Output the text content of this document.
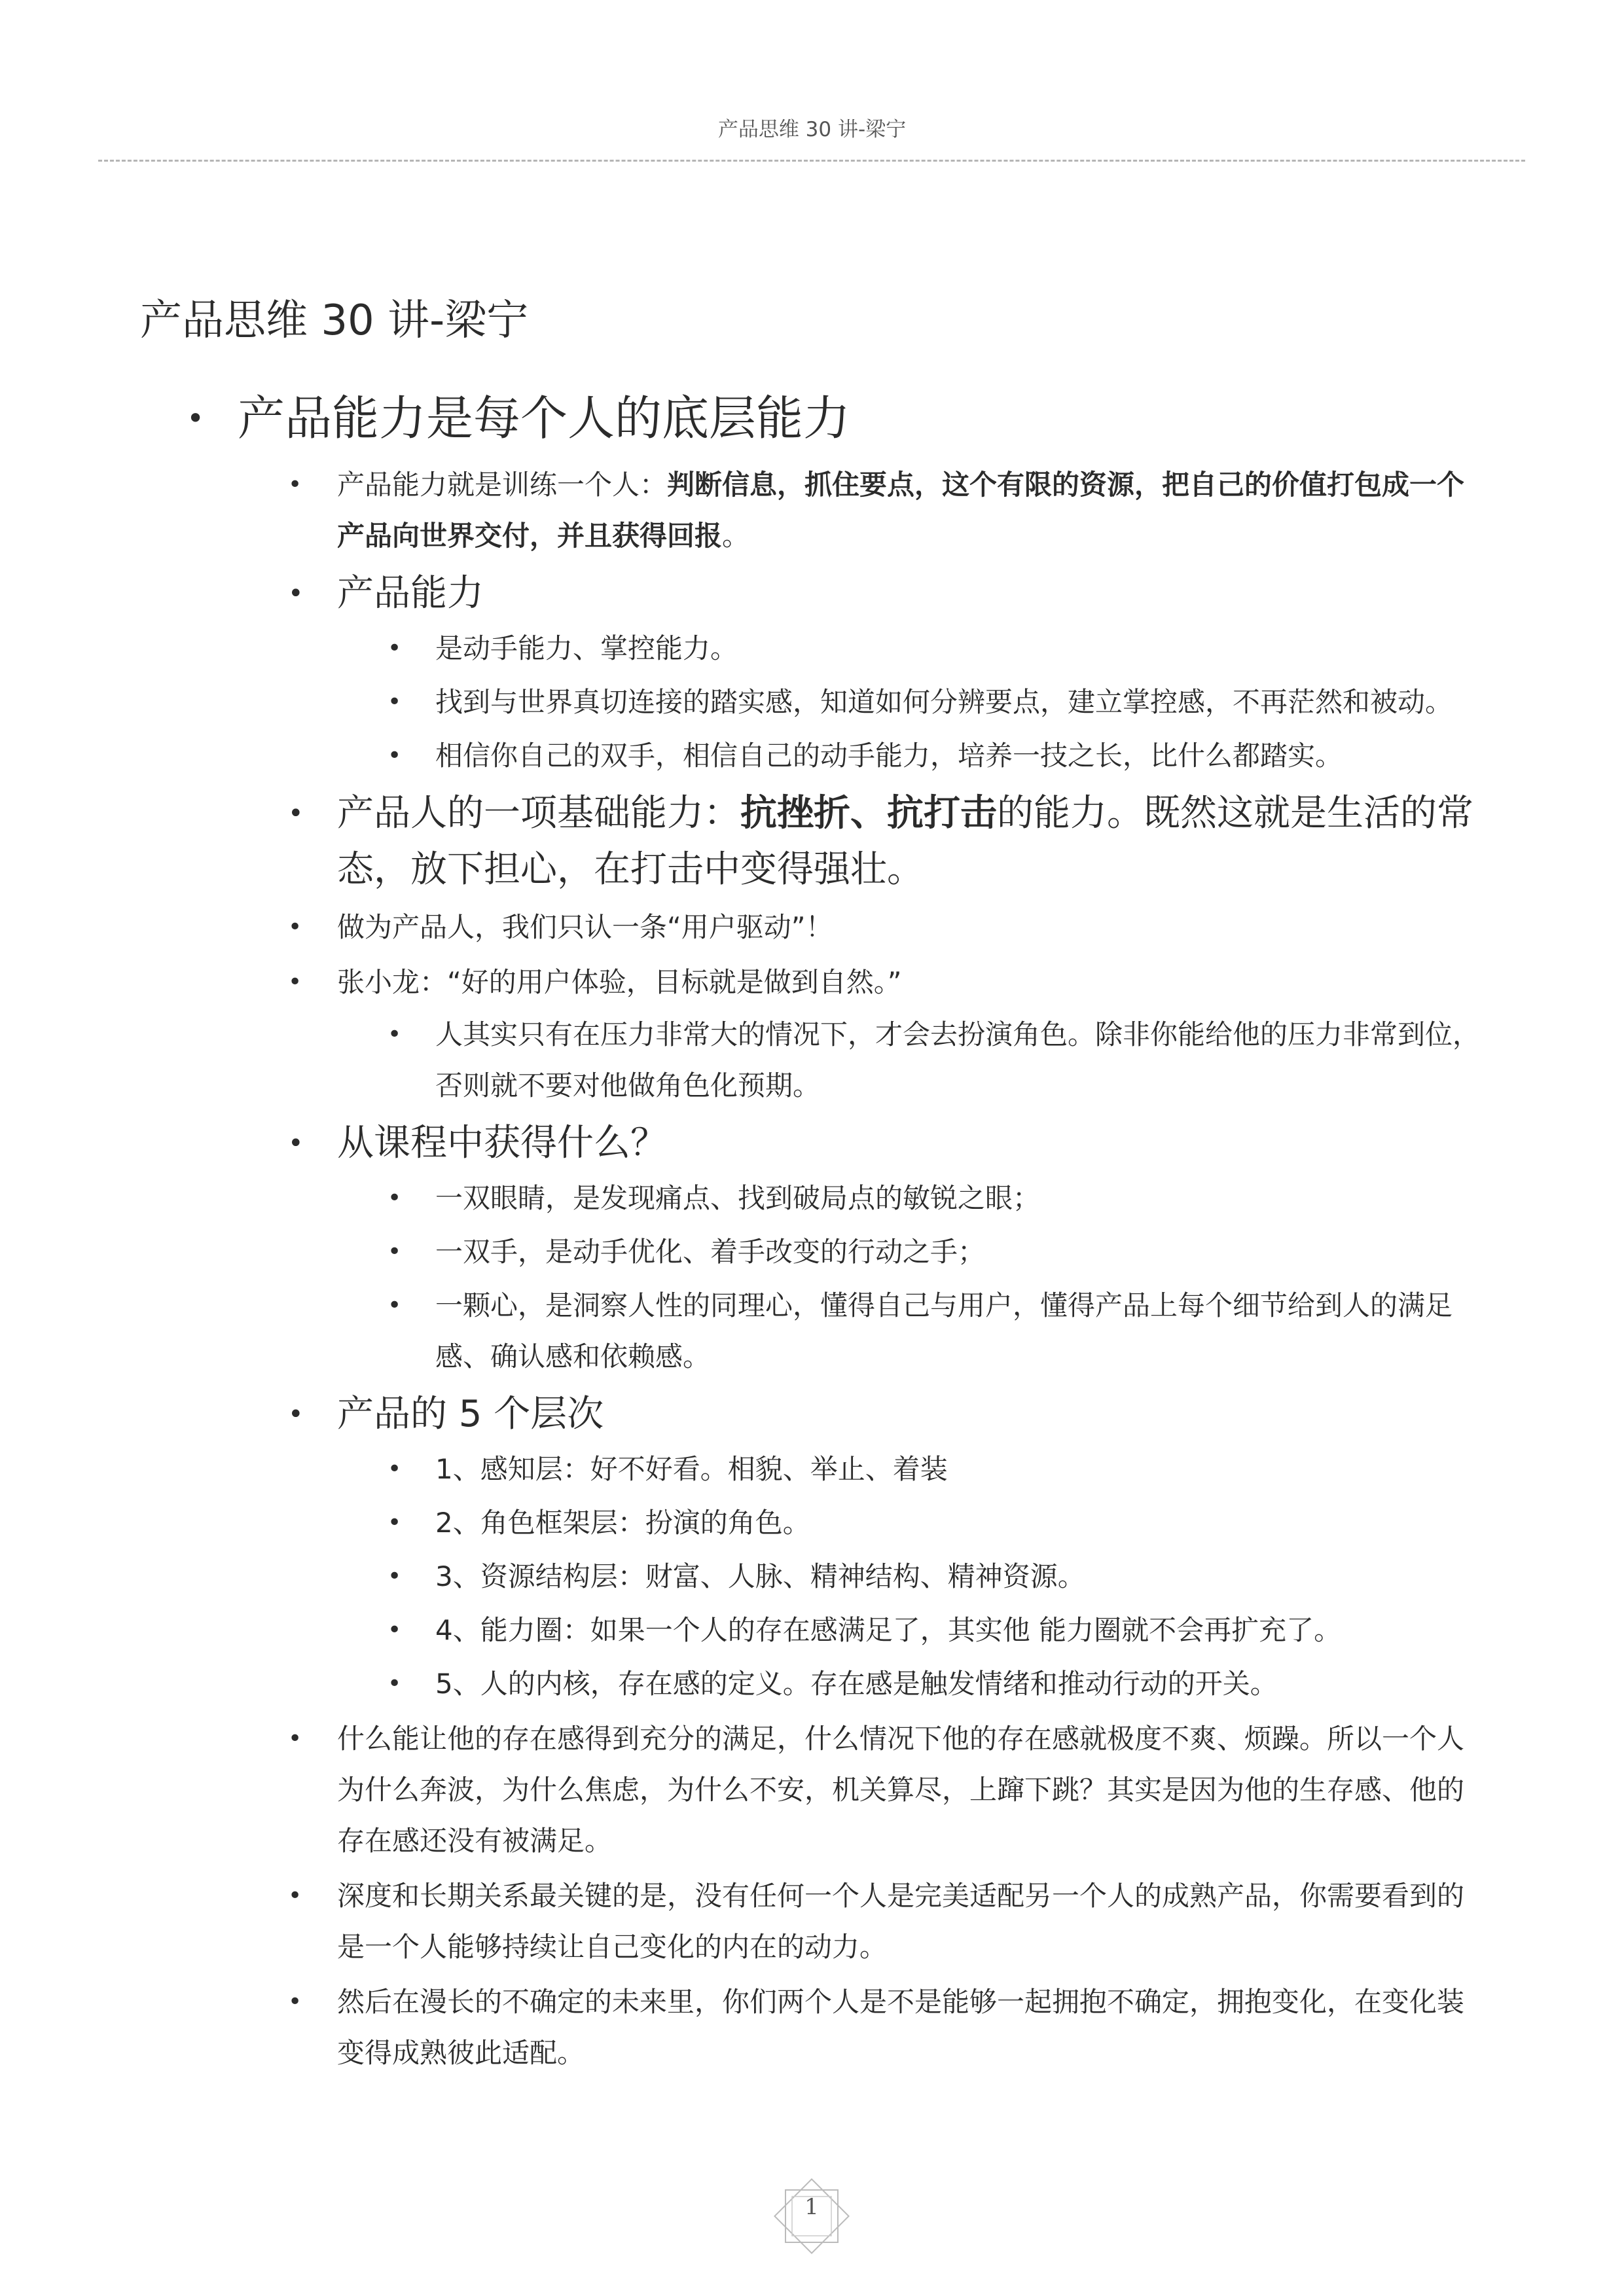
产品思维 30 讲-梁宁
产品思维 30 讲-梁宁
• 产品能力是每个人的底层能力
• 产品能力就是训练一个人：判断信息，抓住要点，这个有限的资源，把自己的价值打包成一个产品向世界交付，并且获得回报。
• 产品能力
• 是动手能力、掌控能力。
• 找到与世界真切连接的踏实感，知道如何分辨要点，建立掌控感，不再茫然和被动。
• 相信你自己的双手，相信自己的动手能力，培养一技之长，比什么都踏实。
• 产品人的一项基础能力：抗挫折、抗打击的能力。既然这就是生活的常态，放下担心，在打击中变得强壮。
• 做为产品人，我们只认一条“用户驱动”！
• 张小龙：“好的用户体验，目标就是做到自然。”
• 人其实只有在压力非常大的情况下，才会去扮演角色。除非你能给他的压力非常到位，否则就不要对他做角色化预期。
• 从课程中获得什么？
• 一双眼睛，是发现痛点、找到破局点的敏锐之眼；
• 一双手，是动手优化、着手改变的行动之手；
• 一颗心，是洞察人性的同理心，懂得自己与用户，懂得产品上每个细节给到人的满足感、确认感和依赖感。
• 产品的 5 个层次
• 1、感知层：好不好看。相貌、举止、着装
• 2、角色框架层：扮演的角色。
• 3、资源结构层：财富、人脉、精神结构、精神资源。
• 4、能力圈：如果一个人的存在感满足了，其实他 能力圈就不会再扩充了。
• 5、人的内核，存在感的定义。存在感是触发情绪和推动行动的开关。
• 什么能让他的存在感得到充分的满足，什么情况下他的存在感就极度不爽、烦躁。所以一个人为什么奔波，为什么焦虑，为什么不安，机关算尽，上蹿下跳？其实是因为他的生存感、他的存在感还没有被满足。
• 深度和长期关系最关键的是，没有任何一个人是完美适配另一个人的成熟产品，你需要看到的是一个人能够持续让自己变化的内在的动力。
• 然后在漫长的不确定的未来里，你们两个人是不是能够一起拥抱不确定，拥抱变化，在变化装变得成熟彼此适配。
1
